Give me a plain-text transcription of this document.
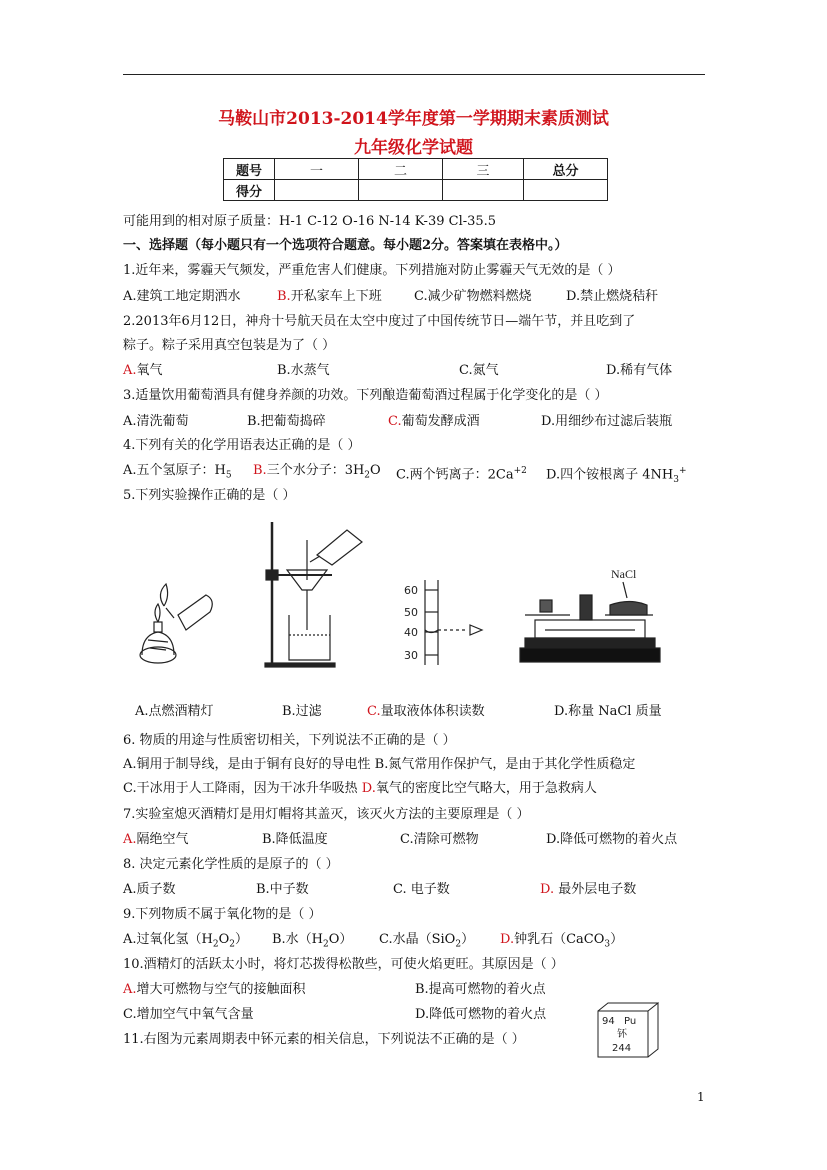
马鞍山市2013-2014学年度第一学期期末素质测试
九年级化学试题
题号	一	二	三	总分
得分				
可能用到的相对原子质量：H-1 C-12 O-16 N-14 K-39 Cl-35.5
一、选择题（每小题只有一个选项符合题意。每小题2分。答案填在表格中。）
1.近年来，雾霾天气频发，严重危害人们健康。下列措施对防止雾霾天气无效的是（ ）
A.建筑工地定期洒水	B.开私家车上下班 C.减少矿物燃料燃烧	D.禁止燃烧秸秆
2.2013年6月12日，神舟十号航天员在太空中度过了中国传统节日—端午节，并且吃到了
粽子。粽子采用真空包装是为了（ ）
A.氧气	B.水蒸气	C.氮气	D.稀有气体
3.适量饮用葡萄酒具有健身养颜的功效。下列酿造葡萄酒过程属于化学变化的是（ ）
A.清洗葡萄	B.把葡萄捣碎	C.葡萄发酵成酒	D.用细纱布过滤后装瓶
4.下列有关的化学用语表达正确的是（ ）
A.五个氢原子：$H_5$ B.三个水分子：$3H_2O$ C.两个钙离子：$2Ca^{+2}$ D.四个铵根离子 $4NH_3^+$
5.下列实验操作正确的是（ ）
60
50
40
30
NaCl
A.点燃酒精灯	B.过滤	C.量取液体体积读数	D.称量 NaCl 质量
6. 物质的用途与性质密切相关，下列说法不正确的是（ ）
A.铜用于制导线，是由于铜有良好的导电性 B.氮气常用作保护气，是由于其化学性质稳定
C.干冰用于人工降雨，因为干冰升华吸热 D.氧气的密度比空气略大，用于急救病人
7.实验室熄灭酒精灯是用灯帽将其盖灭，该灭火方法的主要原理是（ ）
A.隔绝空气	B.降低温度	C.清除可燃物	D.降低可燃物的着火点
8. 决定元素化学性质的是原子的（ ）
A.质子数	B.中子数	C. 电子数	D. 最外层电子数
9.下列物质不属于氧化物的是（ ）
A.过氧化氢$(H_2O_2)$ B.水$(H_2O)$ C.水晶（SiO$_2$） D.钟乳石（CaCO$_3$）
10.酒精灯的活跃太小时，将灯芯拨得松散些，可使火焰更旺。其原因是（ ）
A.增大可燃物与空气的接触面积	B.提高可燃物的着火点
C.增加空气中氧气含量	D.降低可燃物的着火点
11.右图为元素周期表中钚元素的相关信息，下列说法不正确的是（ ）
94 Pu
钚
244
1
